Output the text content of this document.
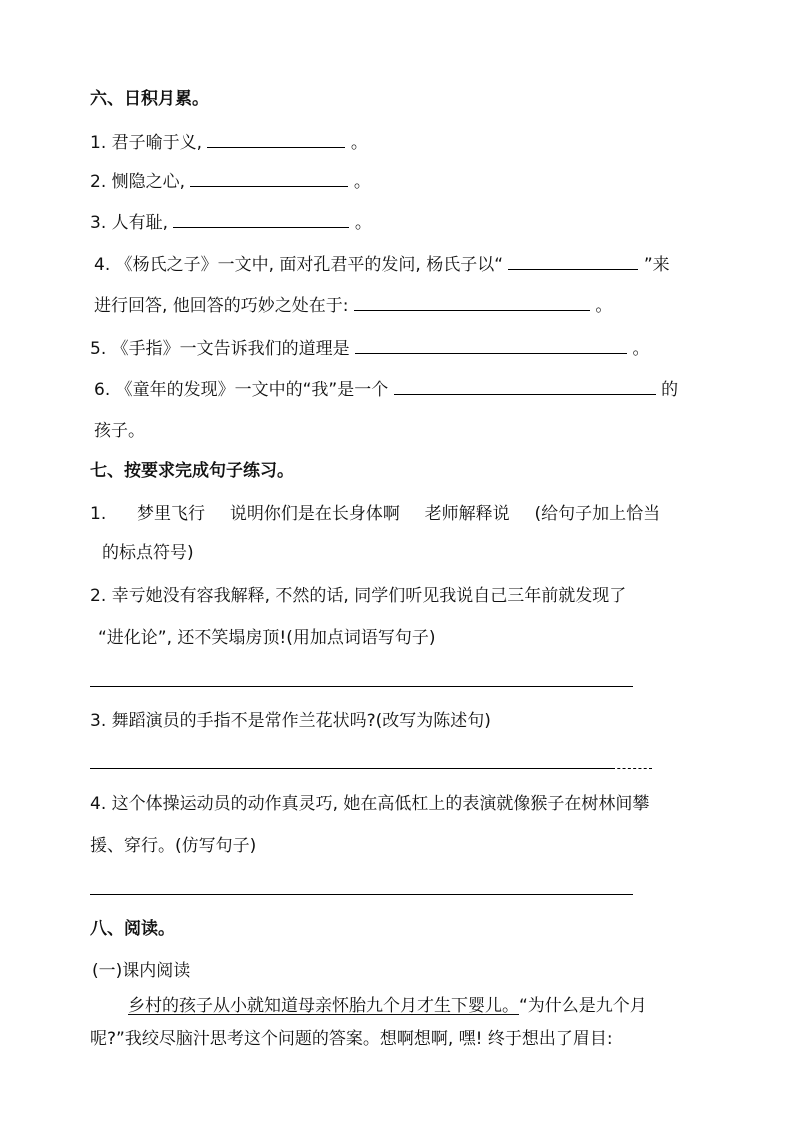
六、日积月累。
1. 君子喻于义,	。
2. 恻隐之心,	。
3. 人有耻,	。
4. 《杨氏之子》一文中, 面对孔君平的发问, 杨氏子以“	”来
进行回答, 他回答的巧妙之处在于:	。
5. 《手指》一文告诉我们的道理是	。
6. 《童年的发现》一文中的“我”是一个	的
孩子。
七、按要求完成句子练习。
1. 梦里飞行 说明你们是在长身体啊 老师解释说 (给句子加上恰当
的标点符号)
2. 幸亏她没有容我解释, 不然的话, 同学们听见我说自己三年前就发现了
“进化论”, 还不笑塌房顶!(用加点词语写句子)
3. 舞蹈演员的手指不是常作兰花状吗?(改写为陈述句)
4. 这个体操运动员的动作真灵巧, 她在高低杠上的表演就像猴子在树林间攀
援、穿行。(仿写句子)
八、阅读。
(一)课内阅读
乡村的孩子从小就知道母亲怀胎九个月才生下婴儿。“为什么是九个月
呢?”我绞尽脑汁思考这个问题的答案。想啊想啊, 嘿! 终于想出了眉目:
